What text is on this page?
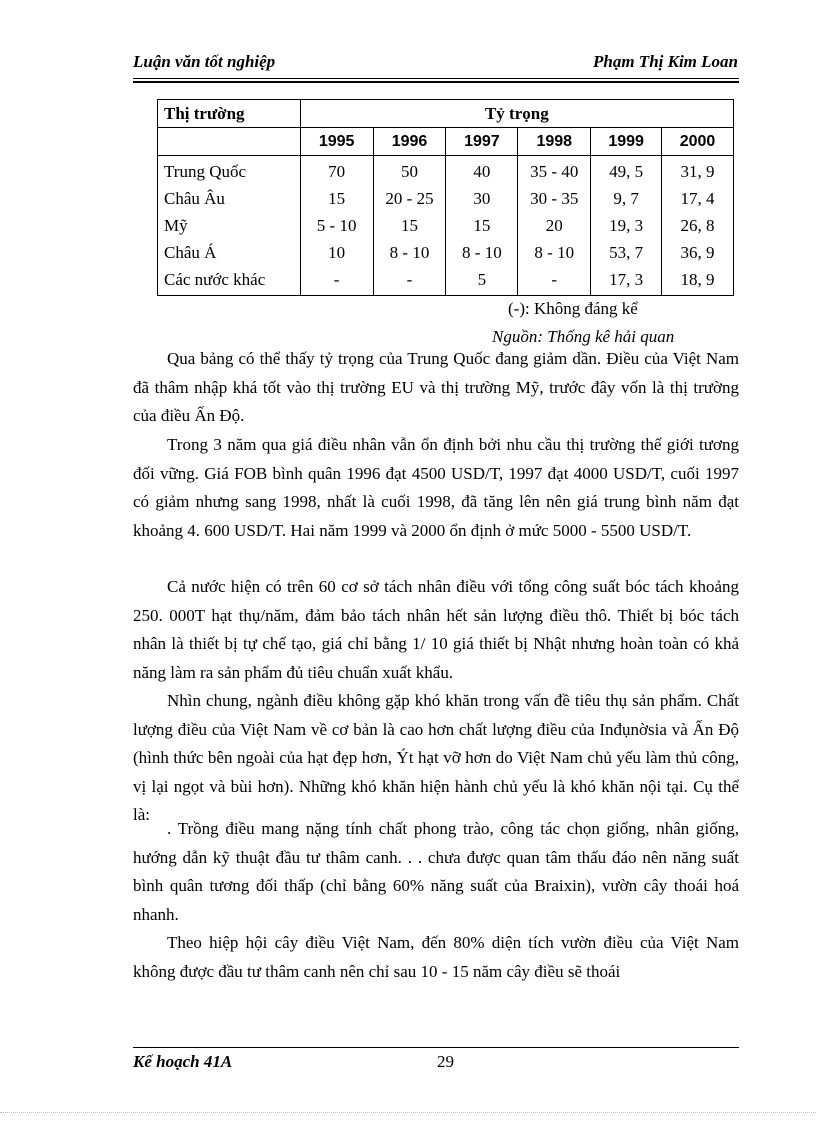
Luận văn tốt nghiệp	Phạm Thị Kim Loan
Thị trường	Tỷ trọng					
	1995	1996	1997	1998	1999	2000
Trung Quốc	70	50	40	35 - 40	49, 5	31, 9
Châu Âu	15	20 - 25	30	30 - 35	9, 7	17, 4
Mỹ	5 - 10	15	15	20	19, 3	26, 8
Châu Á	10	8 - 10	8 - 10	8 - 10	53, 7	36, 9
Các nước khác	-	-	5	-	17, 3	18, 9
(-): Không đáng kể
Nguồn: Thống kê hải quan

Qua bảng có thể thấy tỷ trọng của Trung Quốc đang giảm dần. Điều của Việt Nam đã thâm nhập khá tốt vào thị trường EU và thị trường Mỹ, trước đây vốn là thị trường của điều Ấn Độ.

Trong 3 năm qua giá điều nhân vẫn ổn định bởi nhu cầu thị trường thế giới tương đối vững. Giá FOB bình quân 1996 đạt 4500 USD/T, 1997 đạt 4000 USD/T, cuối 1997 có giảm nhưng sang 1998, nhất là cuối 1998, đã tăng lên nên giá trung bình năm đạt khoảng 4. 600 USD/T. Hai năm 1999 và 2000 ổn định ở mức 5000 - 5500 USD/T.

Cả nước hiện có trên 60 cơ sở tách nhân điều với tổng công suất bóc tách khoảng 250. 000T hạt thụ/năm, đảm bảo tách nhân hết sản lượng điều thô. Thiết bị bóc tách nhân là thiết bị tự chế tạo, giá chỉ bằng 1/ 10 giá thiết bị Nhật nhưng hoàn toàn có khả năng làm ra sản phẩm đủ tiêu chuẩn xuất khẩu.

Nhìn chung, ngành điều không gặp khó khăn trong vấn đề tiêu thụ sản phẩm. Chất lượng điều của Việt Nam về cơ bản là cao hơn chất lượng điều của Inđụnờsia và Ấn Độ (hình thức bên ngoài của hạt đẹp hơn, Ýt hạt vỡ hơn do Việt Nam chủ yếu làm thủ công, vị lại ngọt và bùi hơn). Những khó khăn hiện hành chủ yếu là khó khăn nội tại. Cụ thể là:

. Trồng điều mang nặng tính chất phong trào, công tác chọn giống, nhân giống, hướng dẫn kỹ thuật đầu tư thâm canh. . . chưa được quan tâm thấu đáo nên năng suất bình quân tương đối thấp (chỉ bằng 60% năng suất của Braixin), vườn cây thoái hoá nhanh.

Theo hiệp hội cây điều Việt Nam, đến 80% diện tích vườn điều của Việt Nam không được đầu tư thâm canh nên chỉ sau 10 - 15 năm cây điều sẽ thoái

Kế hoạch 41A	29
